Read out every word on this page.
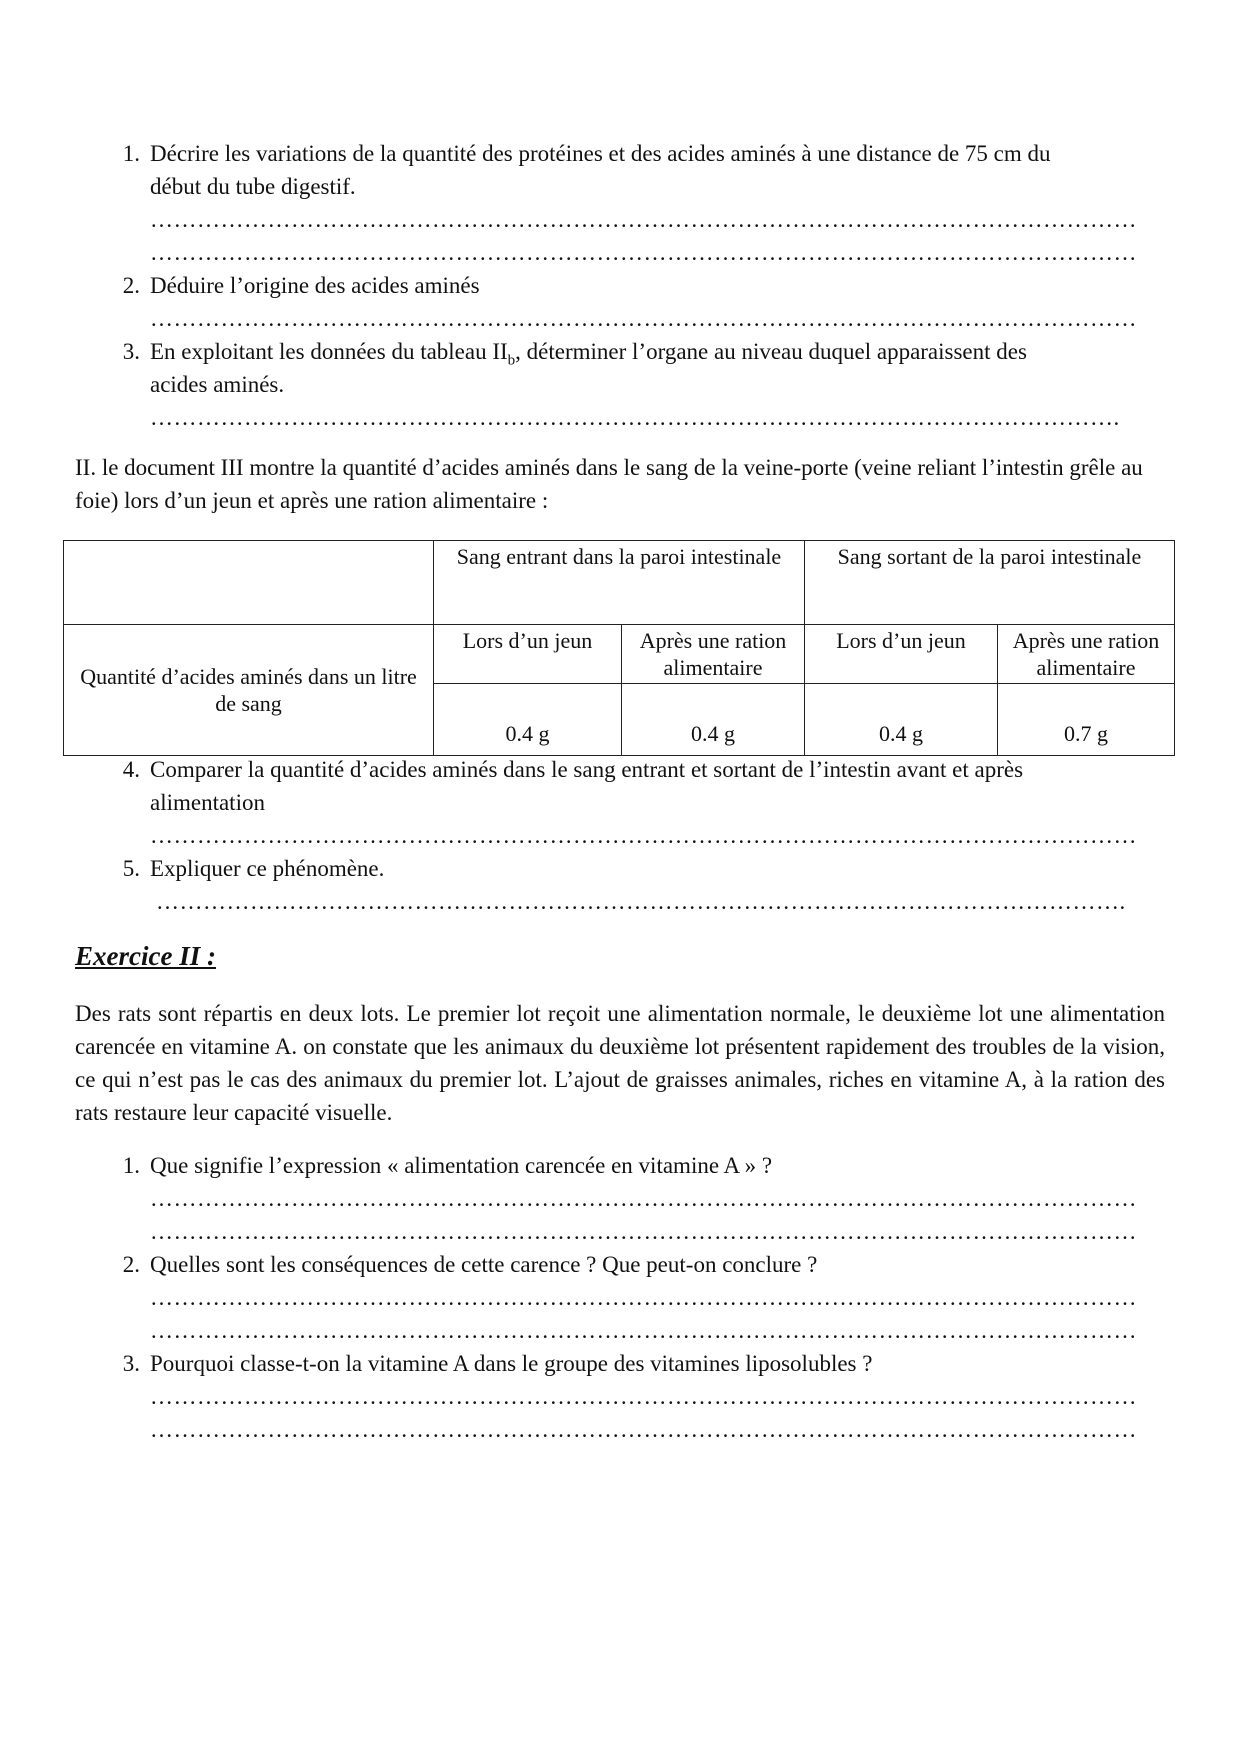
1. Décrire les variations de la quantité des protéines et des acides aminés à une distance de 75 cm du
début du tube digestif.
………………………………………………………………………………………………………………
………………………………………………………………………………………………………………
2. Déduire l’origine des acides aminés
………………………………………………………………………………………………………………
3. En exploitant les données du tableau $II_b$, déterminer l’organe au niveau duquel apparaissent des
acides aminés.
…………………………………………………………………………………………………………….
II. le document III montre la quantité d’acides aminés dans le sang de la veine-porte (veine reliant l’intestin grêle au foie) lors d’un jeun et après une ration alimentaire :
	Sang entrant dans la paroi intestinale		Sang sortant de la paroi intestinale	
Quantité d’acides aminés dans un litre de sang	Lors d’un jeun	Après une ration alimentaire	Lors d’un jeun	Après une ration alimentaire
	0.4 g	0.4 g	0.4 g	0.7 g
4. Comparer la quantité d’acides aminés dans le sang entrant et sortant de l’intestin avant et après
alimentation
………………………………………………………………………………………………………………
5. Expliquer ce phénomène.
…………………………………………………………………………………………………………….
Exercice II :
Des rats sont répartis en deux lots. Le premier lot reçoit une alimentation normale, le deuxième lot une alimentation carencée en vitamine A. on constate que les animaux du deuxième lot présentent rapidement des troubles de la vision, ce qui n’est pas le cas des animaux du premier lot. L’ajout de graisses animales, riches en vitamine A, à la ration des rats restaure leur capacité visuelle.
1. Que signifie l’expression « alimentation carencée en vitamine A » ?
………………………………………………………………………………………………………………
………………………………………………………………………………………………………………
2. Quelles sont les conséquences de cette carence ? Que peut-on conclure ?
………………………………………………………………………………………………………………
………………………………………………………………………………………………………………
3. Pourquoi classe-t-on la vitamine A dans le groupe des vitamines liposolubles ?
………………………………………………………………………………………………………………
………………………………………………………………………………………………………………
